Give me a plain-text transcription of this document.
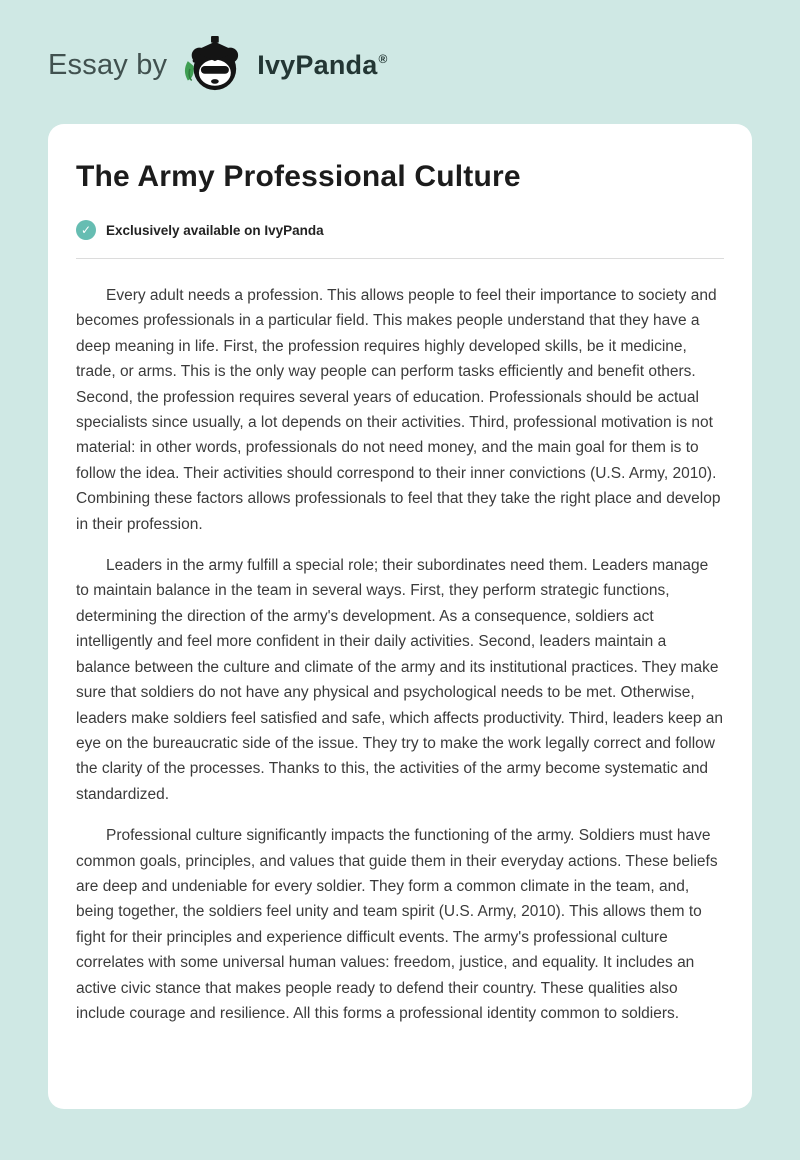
Essay by	IvyPanda ®
The Army Professional Culture
✓	Exclusively available on IvyPanda

Every adult needs a profession. This allows people to feel their importance to society and becomes professionals in a particular field. This makes people understand that they have a deep meaning in life. First, the profession requires highly developed skills, be it medicine, trade, or arms. This is the only way people can perform tasks efficiently and benefit others. Second, the profession requires several years of education. Professionals should be actual specialists since usually, a lot depends on their activities. Third, professional motivation is not material: in other words, professionals do not need money, and the main goal for them is to follow the idea. Their activities should correspond to their inner convictions (U.S. Army, 2010). Combining these factors allows professionals to feel that they take the right place and develop in their profession.

Leaders in the army fulfill a special role; their subordinates need them. Leaders manage to maintain balance in the team in several ways. First, they perform strategic functions, determining the direction of the army's development. As a consequence, soldiers act intelligently and feel more confident in their daily activities. Second, leaders maintain a balance between the culture and climate of the army and its institutional practices. They make sure that soldiers do not have any physical and psychological needs to be met. Otherwise, leaders make soldiers feel satisfied and safe, which affects productivity. Third, leaders keep an eye on the bureaucratic side of the issue. They try to make the work legally correct and follow the clarity of the processes. Thanks to this, the activities of the army become systematic and standardized.

Professional culture significantly impacts the functioning of the army. Soldiers must have common goals, principles, and values that guide them in their everyday actions. These beliefs are deep and undeniable for every soldier. They form a common climate in the team, and, being together, the soldiers feel unity and team spirit (U.S. Army, 2010). This allows them to fight for their principles and experience difficult events. The army's professional culture correlates with some universal human values: freedom, justice, and equality. It includes an active civic stance that makes people ready to defend their country. These qualities also include courage and resilience. All this forms a professional identity common to soldiers.
